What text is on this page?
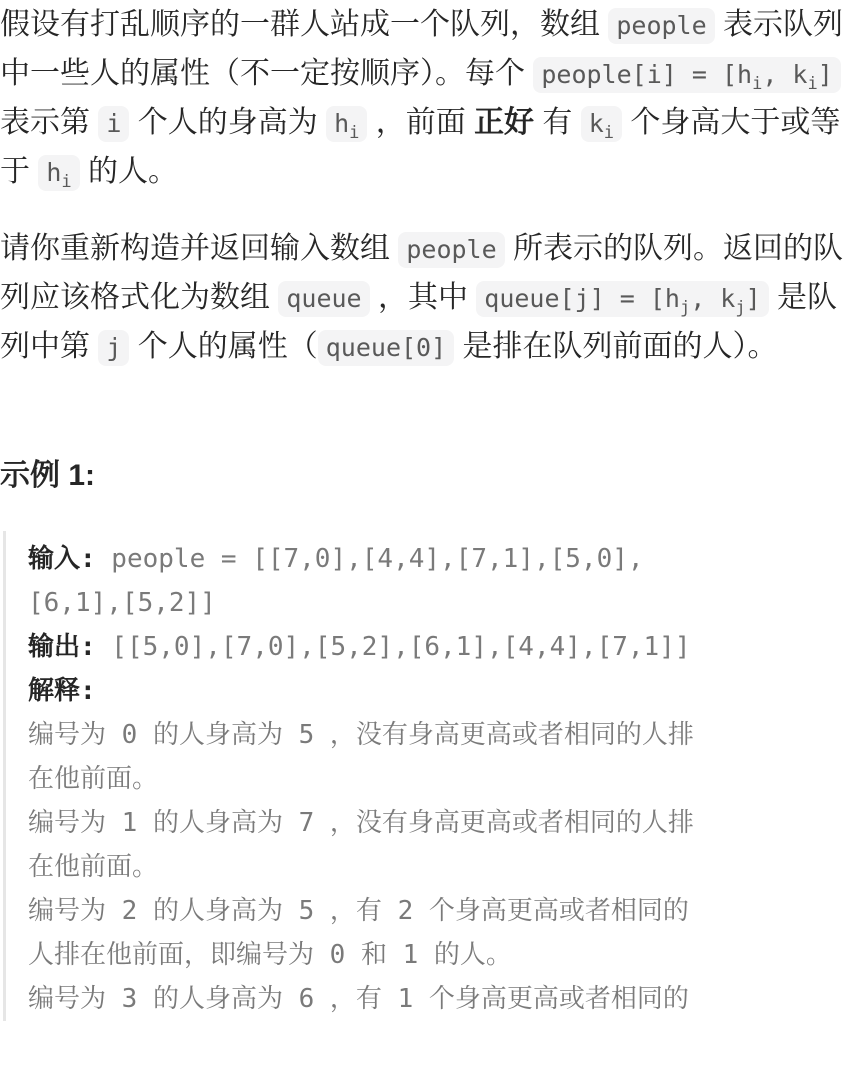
假设有打乱顺序的一群人站成一个队列，数组 people 表示队列中一些人的属性（不一定按顺序）。每个 people[i] = [$h_i$, $k_i$] 表示第 i 个人的身高为 $h_i$ ，前面 正好 有 $k_i$ 个身高大于或等于 $h_i$ 的人。

请你重新构造并返回输入数组 people 所表示的队列。返回的队列应该格式化为数组 queue ，其中 queue[j] = [$h_j$, $k_j$] 是队列中第 j 个人的属性（ queue[0] 是排在队列前面的人）。

示例 1:

输入: people = [[7,0],[4,4],[7,1],[5,0],
[6,1],[5,2]]
输出: [[5,0],[7,0],[5,2],[6,1],[4,4],[7,1]]
解释:
编号为 0 的人身高为 5 ，没有身高更高或者相同的人排
在他前面。
编号为 1 的人身高为 7 ，没有身高更高或者相同的人排
在他前面。
编号为 2 的人身高为 5 ，有 2 个身高更高或者相同的
人排在他前面，即编号为 0 和 1 的人。
编号为 3 的人身高为 6 ，有 1 个身高更高或者相同的
